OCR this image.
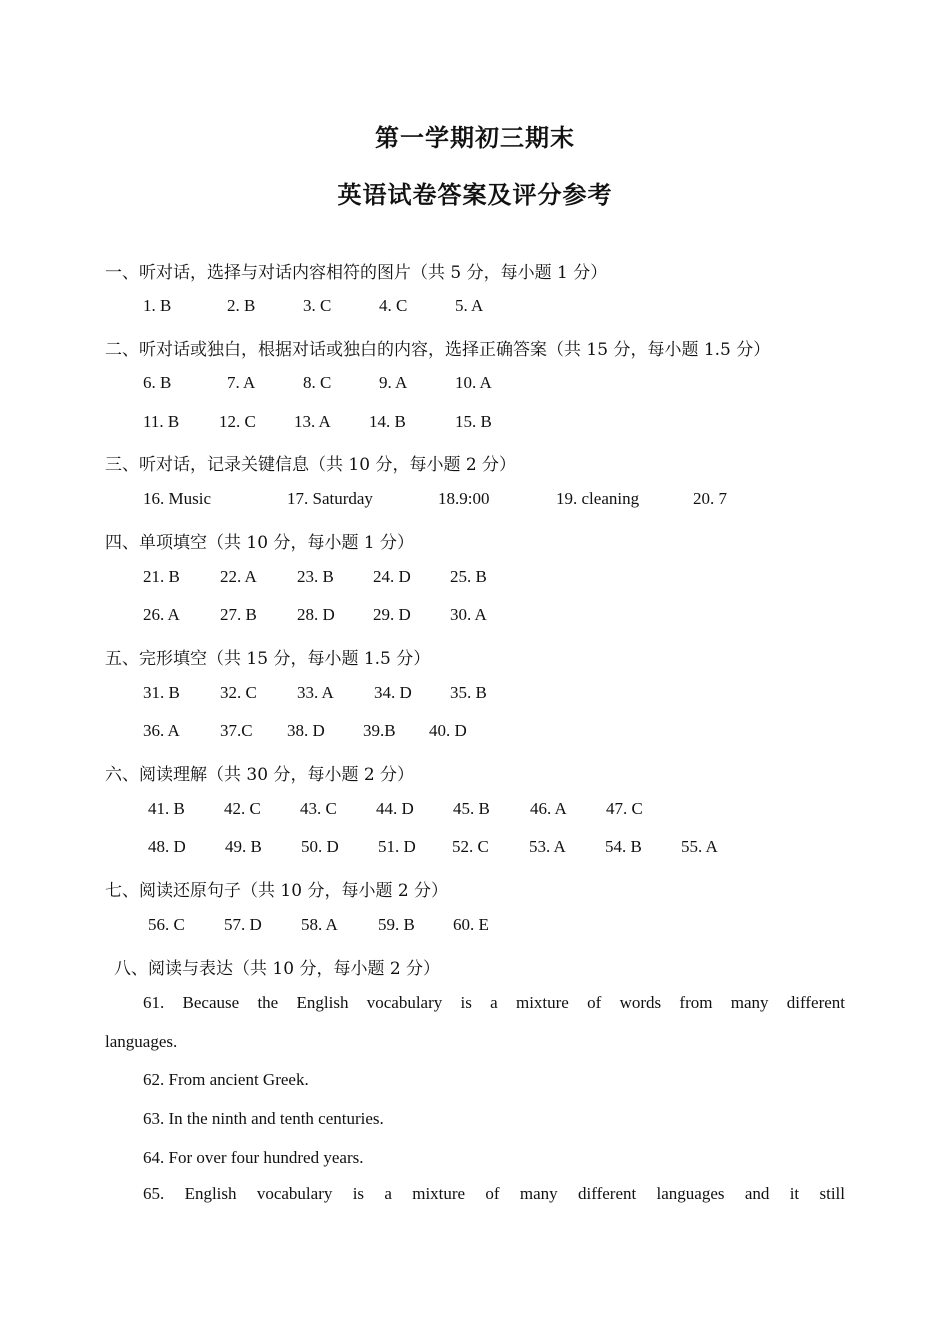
第一学期初三期末
英语试卷答案及评分参考
一、听对话，选择与对话内容相符的图片（共 5 分，每小题 1 分）
1. B	2. B	3. C	4. C	5. A
二、听对话或独白，根据对话或独白的内容，选择正确答案（共 15 分，每小题 1.5 分）
6. B	7. A	8. C	9. A	10. A
11. B 12. C 13. A 14. B	15. B
三、听对话，记录关键信息（共 10 分，每小题 2 分）
16. Music	17. Saturday	18.9:00	19. cleaning	20. 7
四、单项填空（共 10 分，每小题 1 分）
21. B 22. A 23. B 24. D 25. B
26. A 27. B 28. D 29. D 30. A
五、完形填空（共 15 分，每小题 1.5 分）
31. B 32. C 33. A 34. D 35. B
36. A 37.C 38. D 39.B 40. D
六、阅读理解（共 30 分，每小题 2 分）
41. B 42. C 43. C 44. D 45. B 46. A 47. C
48. D 49. B 50. D 51. D 52. C 53. A 54. B 55. A
七、阅读还原句子（共 10 分，每小题 2 分）
56. C 57. D 58. A 59. B 60. E
八、阅读与表达（共 10 分，每小题 2 分）
61. Because the English vocabulary is a mixture of words from many different
languages.
62. From ancient Greek.
63. In the ninth and tenth centuries.
64. For over four hundred years.
65. English vocabulary is a mixture of many different languages and it still
